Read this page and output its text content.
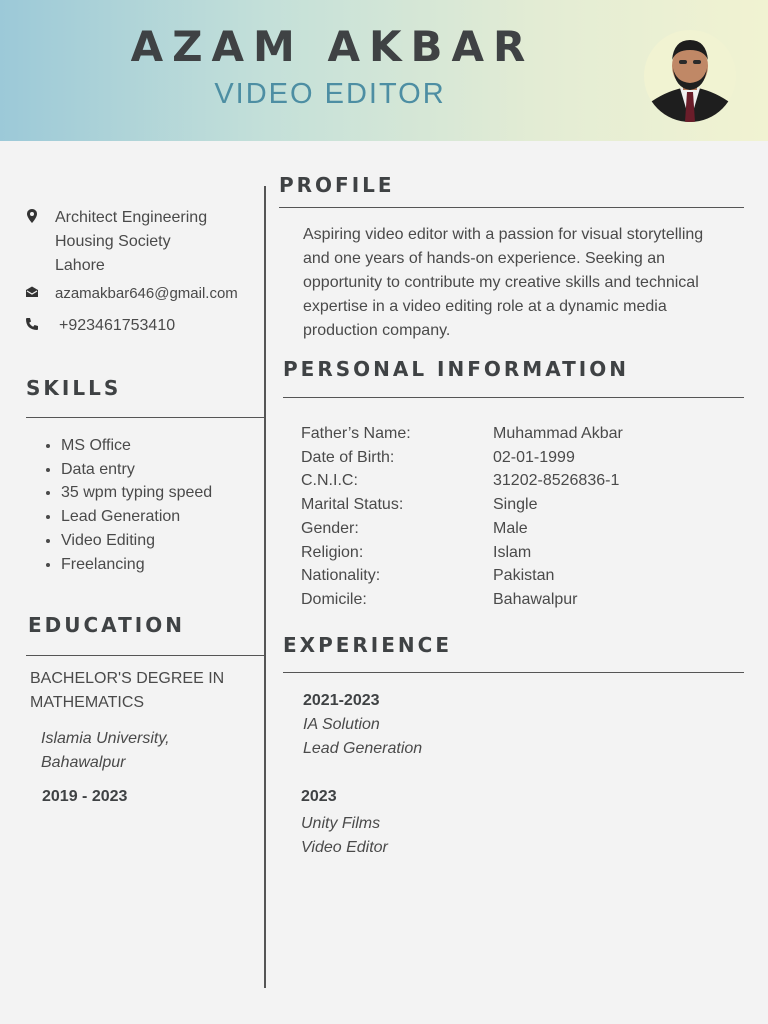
AZAM AKBAR
VIDEO EDITOR
Architect Engineering
Housing Society
Lahore
azamakbar646@gmail.com
+923461753410
SKILLS
• MS Office
• Data entry
• 35 wpm typing speed
• Lead Generation
• Video Editing
• Freelancing
EDUCATION
BACHELOR'S DEGREE IN MATHEMATICS
Islamia University, Bahawalpur
2019 - 2023
PROFILE
Aspiring video editor with a passion for visual storytelling and one years of hands-on experience. Seeking an opportunity to contribute my creative skills and technical expertise in a video editing role at a dynamic media production company.
PERSONAL INFORMATION
Father’s Name:	Muhammad Akbar
Date of Birth:	02-01-1999
C.N.I.C:	31202-8526836-1
Marital Status:	Single
Gender:	Male
Religion:	Islam
Nationality:	Pakistan
Domicile:	Bahawalpur
EXPERIENCE
2021-2023
IA Solution
Lead Generation
2023
Unity Films
Video Editor
